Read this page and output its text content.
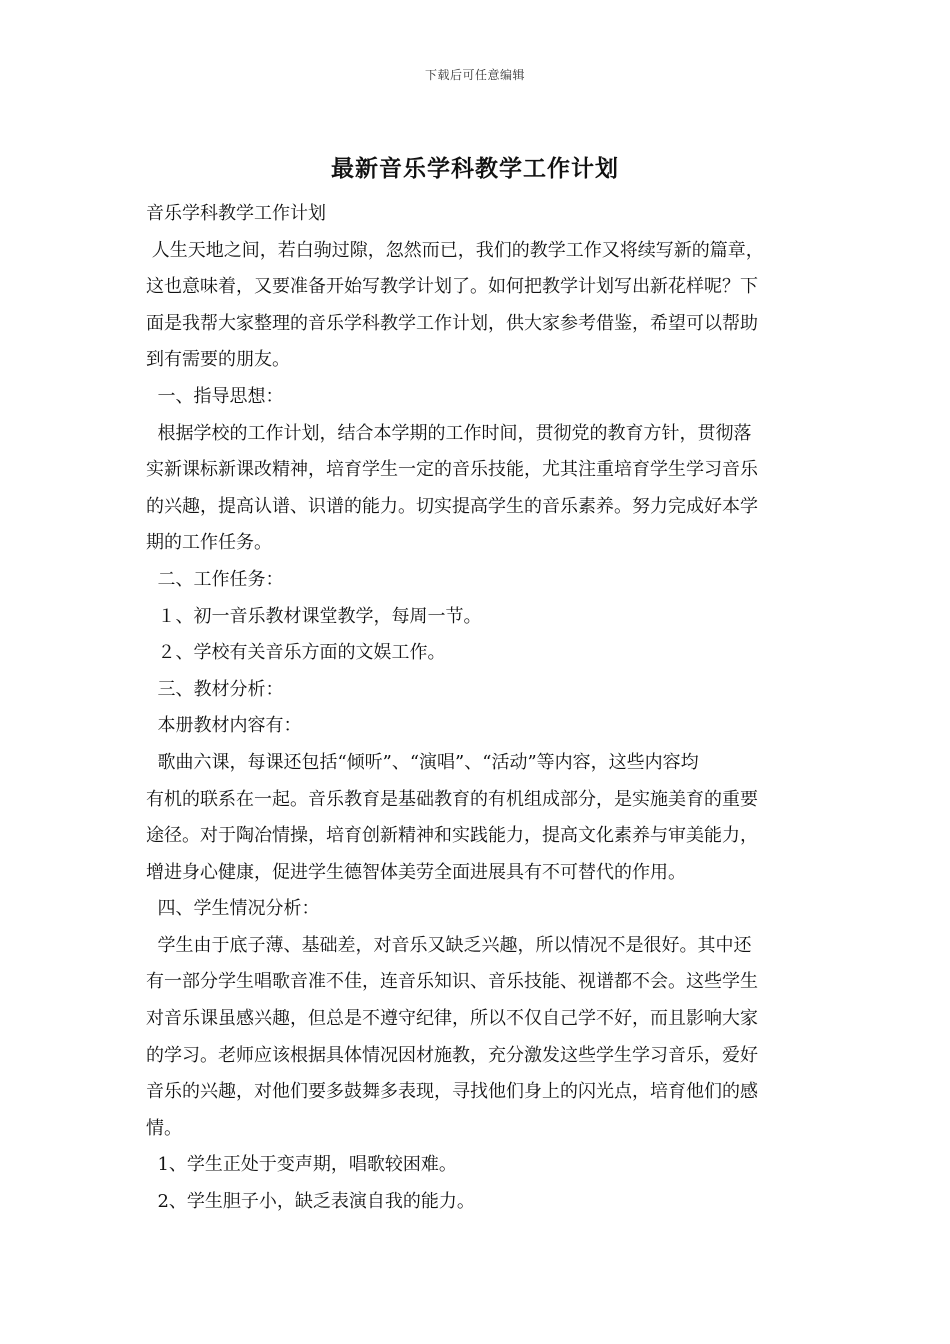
下载后可任意编辑
最新音乐学科教学工作计划

音乐学科教学工作计划

人生天地之间，若白驹过隙，忽然而已，我们的教学工作又将续写新的篇章，

这也意味着，又要准备开始写教学计划了。如何把教学计划写出新花样呢？下

面是我帮大家整理的音乐学科教学工作计划，供大家参考借鉴，希望可以帮助

到有需要的朋友。

一、指导思想：

根据学校的工作计划，结合本学期的工作时间，贯彻党的教育方针，贯彻落

实新课标新课改精神，培育学生一定的音乐技能，尤其注重培育学生学习音乐

的兴趣，提高认谱、识谱的能力。切实提高学生的音乐素养。努力完成好本学

期的工作任务。

二、工作任务：

１、初一音乐教材课堂教学，每周一节。

２、学校有关音乐方面的文娱工作。

三、教材分析：

本册教材内容有：

歌曲六课，每课还包括“倾听”、“演唱”、“活动”等内容，这些内容均

有机的联系在一起。音乐教育是基础教育的有机组成部分，是实施美育的重要

途径。对于陶冶情操，培育创新精神和实践能力，提高文化素养与审美能力，

增进身心健康，促进学生德智体美劳全面进展具有不可替代的作用。

四、学生情况分析：

学生由于底子薄、基础差，对音乐又缺乏兴趣，所以情况不是很好。其中还

有一部分学生唱歌音准不佳，连音乐知识、音乐技能、视谱都不会。这些学生

对音乐课虽感兴趣，但总是不遵守纪律，所以不仅自己学不好，而且影响大家

的学习。老师应该根据具体情况因材施教，充分激发这些学生学习音乐，爱好

音乐的兴趣，对他们要多鼓舞多表现，寻找他们身上的闪光点，培育他们的感

情。

1、学生正处于变声期，唱歌较困难。

2、学生胆子小，缺乏表演自我的能力。
